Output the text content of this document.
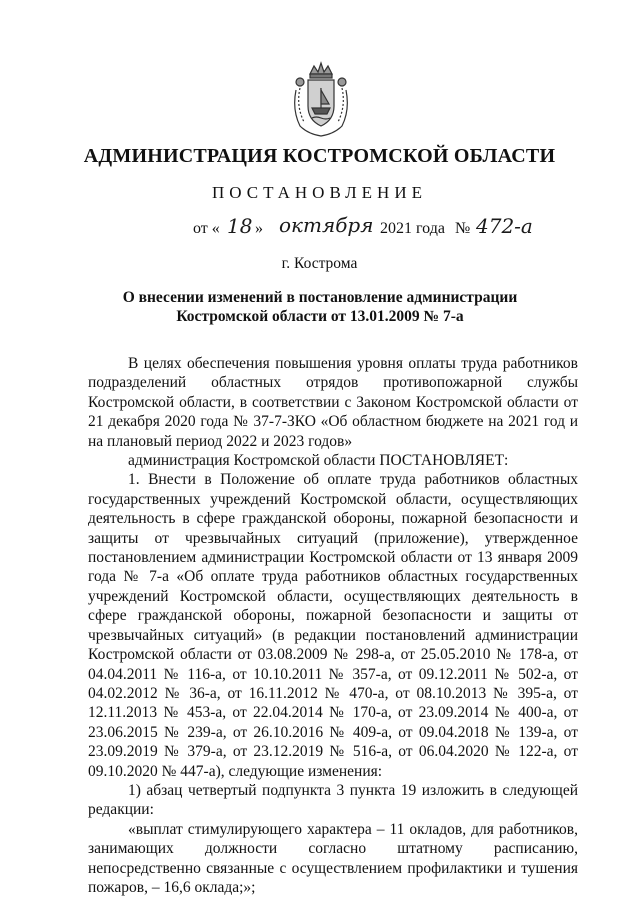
АДМИНИСТРАЦИЯ КОСТРОМСКОЙ ОБЛАСТИ
ПОСТАНОВЛЕНИЕ
от « 18 » октября 2021 года № 472-а
г. Кострома
О внесении изменений в постановление администрации Костромской области от 13.01.2009 № 7-а

В целях обеспечения повышения уровня оплаты труда работников подразделений областных отрядов противопожарной службы Костромской области, в соответствии с Законом Костромской области от 21 декабря 2020 года № 37-7-ЗКО «Об областном бюджете на 2021 год и на плановый период 2022 и 2023 годов»

администрация Костромской области ПОСТАНОВЛЯЕТ:

1. Внести в Положение об оплате труда работников областных государственных учреждений Костромской области, осуществляющих деятельность в сфере гражданской обороны, пожарной безопасности и защиты от чрезвычайных ситуаций (приложение), утвержденное постановлением администрации Костромской области от 13 января 2009 года № 7-а «Об оплате труда работников областных государственных учреждений Костромской области, осуществляющих деятельность в сфере гражданской обороны, пожарной безопасности и защиты от чрезвычайных ситуаций» (в редакции постановлений администрации Костромской области от 03.08.2009 № 298-а, от 25.05.2010 № 178-а, от 04.04.2011 № 116-а, от 10.10.2011 № 357-а, от 09.12.2011 № 502-а, от 04.02.2012 № 36-а, от 16.11.2012 № 470-а, от 08.10.2013 № 395-а, от 12.11.2013 № 453-а, от 22.04.2014 № 170-а, от 23.09.2014 № 400-а, от 23.06.2015 № 239-а, от 26.10.2016 № 409-а, от 09.04.2018 № 139-а, от 23.09.2019 № 379-а, от 23.12.2019 № 516-а, от 06.04.2020 № 122-а, от 09.10.2020 № 447-а), следующие изменения:

1) абзац четвертый подпункта 3 пункта 19 изложить в следующей редакции:

«выплат стимулирующего характера – 11 окладов, для работников, занимающих должности согласно штатному расписанию, непосредственно связанные с осуществлением профилактики и тушения пожаров, – 16,6 оклада;»;
